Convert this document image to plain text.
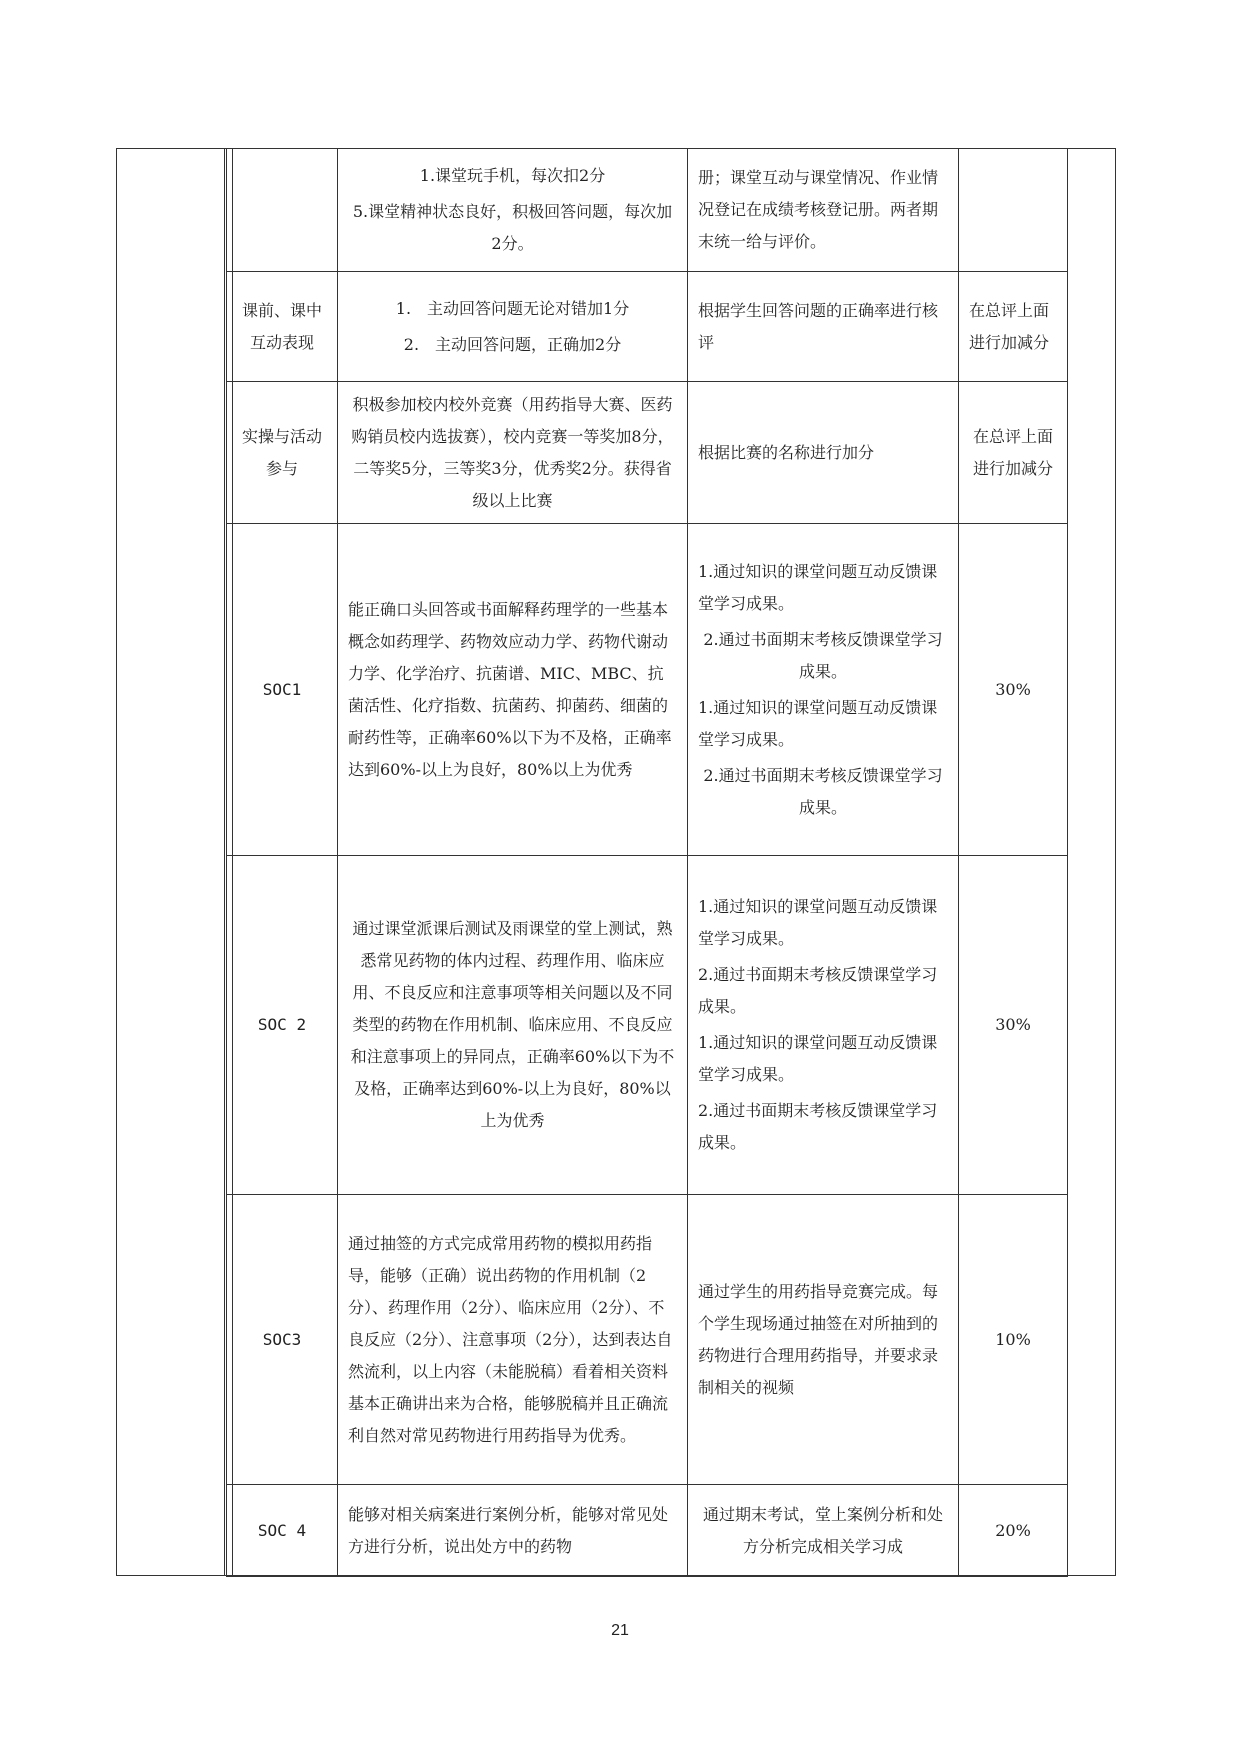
	1.课堂玩手机，每次扣2分
5.课堂精神状态良好，积极回答问题，每次加2分。	册；课堂互动与课堂情况、作业情况登记在成绩考核登记册。两者期末统一给与评价。	

课前、课中互动表现	1.　主动回答问题无论对错加1分
2.　主动回答问题，正确加2分	根据学生回答问题的正确率进行核评	在总评上面进行加减分
实操与活动参与	积极参加校内校外竞赛（用药指导大赛、医药购销员校内选拔赛），校内竞赛一等奖加8分，二等奖5分，三等奖3分，优秀奖2分。获得省级以上比赛	根据比赛的名称进行加分	在总评上面进行加减分
SOC1	能正确口头回答或书面解释药理学的一些基本概念如药理学、药物效应动力学、药物代谢动力学、化学治疗、抗菌谱、MIC、MBC、抗菌活性、化疗指数、抗菌药、抑菌药、细菌的耐药性等，正确率60%以下为不及格，正确率达到60%-以上为良好，80%以上为优秀	1.通过知识的课堂问题互动反馈课堂学习成果。
2.通过书面期末考核反馈课堂学习成果。
1.通过知识的课堂问题互动反馈课堂学习成果。
2.通过书面期末考核反馈课堂学习成果。	30%
SOC 2	通过课堂派课后测试及雨课堂的堂上测试，熟悉常见药物的体内过程、药理作用、临床应用、不良反应和注意事项等相关问题以及不同类型的药物在作用机制、临床应用、不良反应和注意事项上的异同点，正确率60%以下为不及格，正确率达到60%-以上为良好，80%以上为优秀	1.通过知识的课堂问题互动反馈课堂学习成果。
2.通过书面期末考核反馈课堂学习成果。
1.通过知识的课堂问题互动反馈课堂学习成果。
2.通过书面期末考核反馈课堂学习成果。	30%
SOC3	通过抽签的方式完成常用药物的模拟用药指导，能够（正确）说出药物的作用机制（2分）、药理作用（2分）、临床应用（2分）、不良反应（2分）、注意事项（2分），达到表达自然流利，以上内容（未能脱稿）看着相关资料基本正确讲出来为合格，能够脱稿并且正确流利自然对常见药物进行用药指导为优秀。	通过学生的用药指导竞赛完成。每个学生现场通过抽签在对所抽到的药物进行合理用药指导，并要求录制相关的视频	10%
SOC 4	能够对相关病案进行案例分析，能够对常见处方进行分析，说出处方中的药物	通过期末考试，堂上案例分析和处方分析完成相关学习成	20%
21
